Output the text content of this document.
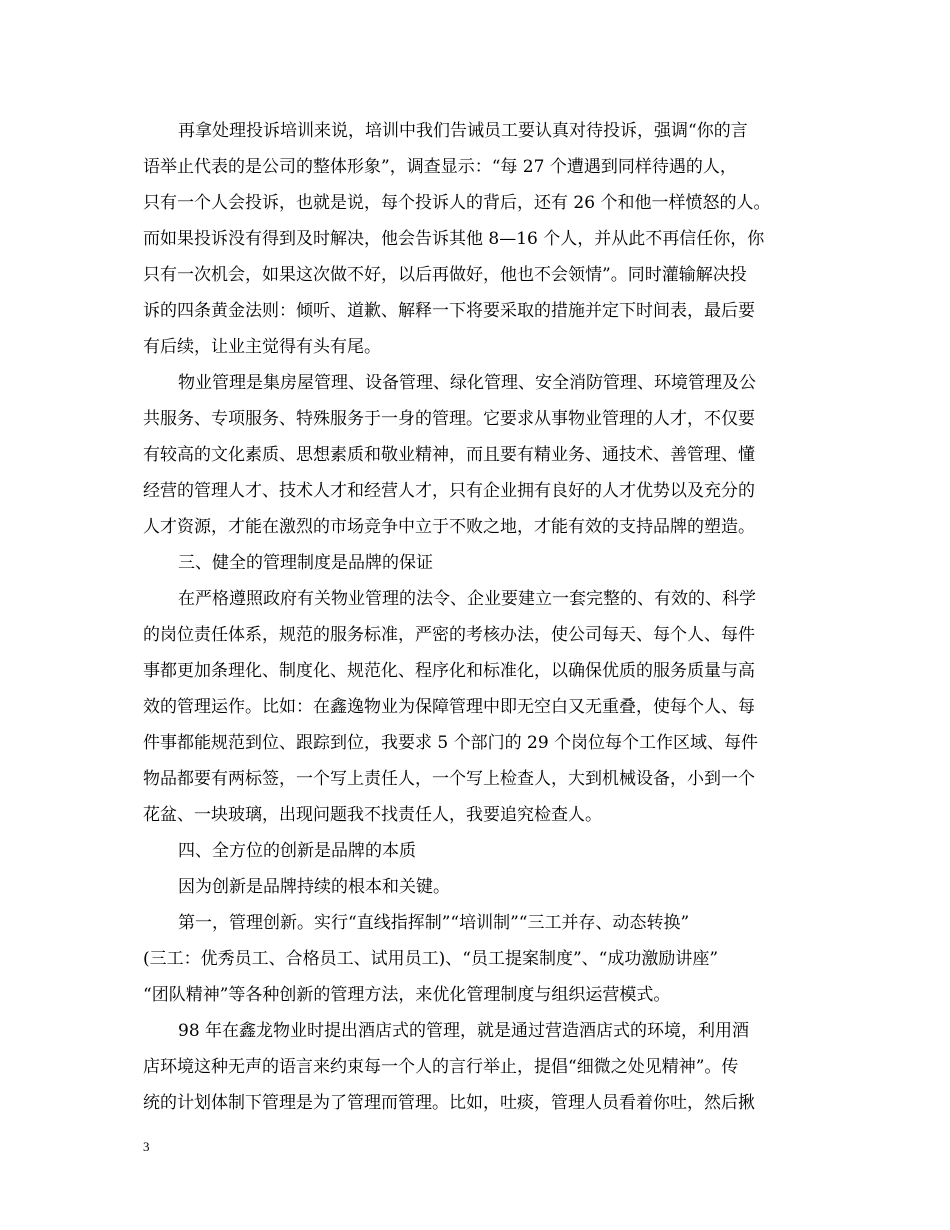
再拿处理投诉培训来说，培训中我们告诫员工要认真对待投诉，强调“你的言
语举止代表的是公司的整体形象”，调查显示：“每 27 个遭遇到同样待遇的人，
只有一个人会投诉，也就是说，每个投诉人的背后，还有 26 个和他一样愤怒的人。
而如果投诉没有得到及时解决，他会告诉其他 8—16 个人，并从此不再信任你，你
只有一次机会，如果这次做不好，以后再做好，他也不会领情”。同时灌输解决投
诉的四条黄金法则：倾听、道歉、解释一下将要采取的措施并定下时间表，最后要
有后续，让业主觉得有头有尾。
物业管理是集房屋管理、设备管理、绿化管理、安全消防管理、环境管理及公
共服务、专项服务、特殊服务于一身的管理。它要求从事物业管理的人才，不仅要
有较高的文化素质、思想素质和敬业精神，而且要有精业务、通技术、善管理、懂
经营的管理人才、技术人才和经营人才，只有企业拥有良好的人才优势以及充分的
人才资源，才能在激烈的市场竞争中立于不败之地，才能有效的支持品牌的塑造。
三、健全的管理制度是品牌的保证
在严格遵照政府有关物业管理的法令、企业要建立一套完整的、有效的、科学
的岗位责任体系，规范的服务标准，严密的考核办法，使公司每天、每个人、每件
事都更加条理化、制度化、规范化、程序化和标准化，以确保优质的服务质量与高
效的管理运作。比如：在鑫逸物业为保障管理中即无空白又无重叠，使每个人、每
件事都能规范到位、跟踪到位，我要求 5 个部门的 29 个岗位每个工作区域、每件
物品都要有两标签，一个写上责任人，一个写上检查人，大到机械设备，小到一个
花盆、一块玻璃，出现问题我不找责任人，我要追究检查人。
四、全方位的创新是品牌的本质
因为创新是品牌持续的根本和关键。
第一，管理创新。实行“直线指挥制”“培训制”“三工并存、动态转换”
(三工：优秀员工、合格员工、试用员工)、“员工提案制度”、“成功激励讲座”
“团队精神”等各种创新的管理方法，来优化管理制度与组织运营模式。
98 年在鑫龙物业时提出酒店式的管理，就是通过营造酒店式的环境，利用酒
店环境这种无声的语言来约束每一个人的言行举止，提倡“细微之处见精神”。传
统的计划体制下管理是为了管理而管理。比如，吐痰，管理人员看着你吐，然后揪
3
